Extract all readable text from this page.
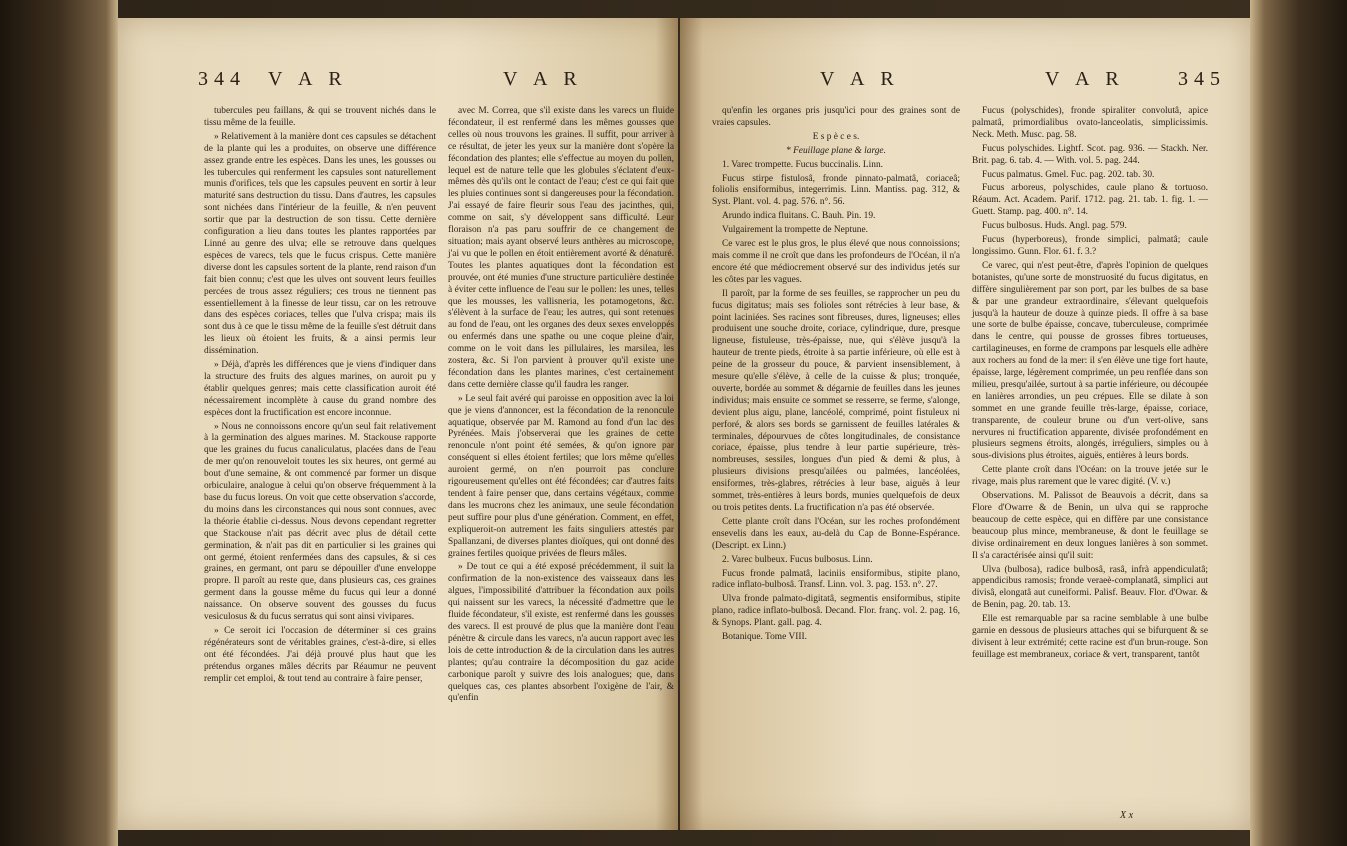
344 V A R	V A R

tubercules peu faillans, & qui se trouvent nichés dans le tissu même de la feuille.

» Relativement à la manière dont ces capsules se détachent de la plante qui les a produites, on observe une différence assez grande entre les espèces. Dans les unes, les gousses ou les tubercules qui renferment les capsules sont naturellement munis d'orifices, tels que les capsules peuvent en sortir à leur maturité sans destruction du tissu. Dans d'autres, les capsules sont nichées dans l'intérieur de la feuille, & n'en peuvent sortir que par la destruction de son tissu. Cette dernière configuration a lieu dans toutes les plantes rapportées par Linné au genre des ulva; elle se retrouve dans quelques espèces de varecs, tels que le fucus crispus. Cette manière diverse dont les capsules sortent de la plante, rend raison d'un fait bien connu; c'est que les ulves ont souvent leurs feuilles percées de trous assez réguliers; ces trous ne tiennent pas essentiellement à la finesse de leur tissu, car on les retrouve dans des espèces coriaces, telles que l'ulva crispa; mais ils sont dus à ce que le tissu même de la feuille s'est détruit dans les lieux où étoient les fruits, & a ainsi permis leur dissémination.

» Déjà, d'après les différences que je viens d'indiquer dans la structure des fruits des algues marines, on auroit pu y établir quelques genres; mais cette classification auroit été nécessairement incomplète à cause du grand nombre des espèces dont la fructification est encore inconnue.

» Nous ne connoissons encore qu'un seul fait relativement à la germination des algues marines. M. Stackouse rapporte que les graines du fucus canaliculatus, placées dans de l'eau de mer qu'on renouveloit toutes les six heures, ont germé au bout d'une semaine, & ont commencé par former un disque orbiculaire, analogue à celui qu'on observe fréquemment à la base du fucus loreus. On voit que cette observation s'accorde, du moins dans les circonstances qui nous sont connues, avec la théorie établie ci-dessus. Nous devons cependant regretter que Stackouse n'ait pas décrit avec plus de détail cette germination, & n'ait pas dit en particulier si les graines qui ont germé, étoient renfermées dans des capsules, & si ces graines, en germant, ont paru se dépouiller d'une enveloppe propre. Il paroît au reste que, dans plusieurs cas, ces graines germent dans la gousse même du fucus qui leur a donné naissance. On observe souvent des gousses du fucus vesiculosus & du fucus serratus qui sont ainsi vivipares.

» Ce seroit ici l'occasion de déterminer si ces grains régénérateurs sont de véritables graines, c'est-à-dire, si elles ont été fécondées. J'ai déjà prouvé plus haut que les prétendus organes mâles décrits par Réaumur ne peuvent remplir cet emploi, & tout tend au contraire à faire penser,

avec M. Correa, que s'il existe dans les varecs un fluide fécondateur, il est renfermé dans les mêmes gousses que celles où nous trouvons les graines. Il suffit, pour arriver à ce résultat, de jeter les yeux sur la manière dont s'opère la fécondation des plantes; elle s'effectue au moyen du pollen, lequel est de nature telle que les globules s'éclatent d'eux-mêmes dès qu'ils ont le contact de l'eau; c'est ce qui fait que les pluies continues sont si dangereuses pour la fécondation. J'ai essayé de faire fleurir sous l'eau des jacinthes, qui, comme on sait, s'y développent sans difficulté. Leur floraison n'a pas paru souffrir de ce changement de situation; mais ayant observé leurs anthères au microscope, j'ai vu que le pollen en étoit entièrement avorté & dénaturé. Toutes les plantes aquatiques dont la fécondation est prouvée, ont été munies d'une structure particulière destinée à éviter cette influence de l'eau sur le pollen: les unes, telles que les mousses, les vallisneria, les potamogetons, &c. s'élèvent à la surface de l'eau; les autres, qui sont retenues au fond de l'eau, ont les organes des deux sexes enveloppés ou enfermés dans une spathe ou une coque pleine d'air, comme on le voit dans les pillulaires, les marsilea, les zostera, &c. Si l'on parvient à prouver qu'il existe une fécondation dans les plantes marines, c'est certainement dans cette dernière classe qu'il faudra les ranger.

» Le seul fait avéré qui paroisse en opposition avec la loi que je viens d'annoncer, est la fécondation de la renoncule aquatique, observée par M. Ramond au fond d'un lac des Pyrénées. Mais j'observerai que les graines de cette renoncule n'ont point été semées, & qu'on ignore par conséquent si elles étoient fertiles; que lors même qu'elles auroient germé, on n'en pourroit pas conclure rigoureusement qu'elles ont été fécondées; car d'autres faits tendent à faire penser que, dans certains végétaux, comme dans les mucrons chez les animaux, une seule fécondation peut suffire pour plus d'une génération. Comment, en effet, expliqueroit-on autrement les faits singuliers attestés par Spallanzani, de diverses plantes dioïques, qui ont donné des graines fertiles quoique privées de fleurs mâles.

» De tout ce qui a été exposé précédemment, il suit la confirmation de la non-existence des vaisseaux dans les algues, l'impossibilité d'attribuer la fécondation aux poils qui naissent sur les varecs, la nécessité d'admettre que le fluide fécondateur, s'il existe, est renfermé dans les gousses des varecs. Il est prouvé de plus que la manière dont l'eau pénètre & circule dans les varecs, n'a aucun rapport avec les lois de cette introduction & de la circulation dans les autres plantes; qu'au contraire la décomposition du gaz acide carbonique paroît y suivre des lois analogues; que, dans quelques cas, ces plantes absorbent l'oxigène de l'air, & qu'enfin

V A R	V A R	345

qu'enfin les organes pris jusqu'ici pour des graines sont de vraies capsules.

E s p è c e s.

* Feuillage plane & large.

1. Varec trompette. Fucus buccinalis. Linn.

Fucus stirpe fistulosâ, fronde pinnato-palmatâ, coriaceâ; foliolis ensiformibus, integerrimis. Linn. Mantiss. pag. 312, & Syst. Plant. vol. 4. pag. 576. n°. 56.

Arundo indica fluitans. C. Bauh. Pin. 19.

Vulgairement la trompette de Neptune.

Ce varec est le plus gros, le plus élevé que nous connoissions; mais comme il ne croît que dans les profondeurs de l'Océan, il n'a encore été que médiocrement observé sur des individus jetés sur les côtes par les vagues.

Il paroît, par la forme de ses feuilles, se rapprocher un peu du fucus digitatus; mais ses folioles sont rétrécies à leur base, & point laciniées. Ses racines sont fibreuses, dures, ligneuses; elles produisent une souche droite, coriace, cylindrique, dure, presque ligneuse, fistuleuse, très-épaisse, nue, qui s'élève jusqu'à la hauteur de trente pieds, étroite à sa partie inférieure, où elle est à peine de la grosseur du pouce, & parvient insensiblement, à mesure qu'elle s'élève, à celle de la cuisse & plus; tronquée, ouverte, bordée au sommet & dégarnie de feuilles dans les jeunes individus; mais ensuite ce sommet se resserre, se ferme, s'alonge, devient plus aigu, plane, lancéolé, comprimé, point fistuleux ni perforé, & alors ses bords se garnissent de feuilles latérales & terminales, dépourvues de côtes longitudinales, de consistance coriace, épaisse, plus tendre à leur partie supérieure, très-nombreuses, sessiles, longues d'un pied & demi & plus, à plusieurs divisions presqu'ailées ou palmées, lancéolées, ensiformes, très-glabres, rétrécies à leur base, aiguës à leur sommet, très-entières à leurs bords, munies quelquefois de deux ou trois petites dents. La fructification n'a pas été observée.

Cette plante croît dans l'Océan, sur les roches profondément ensevelis dans les eaux, au-delà du Cap de Bonne-Espérance. (Descript. ex Linn.)

2. Varec bulbeux. Fucus bulbosus. Linn.

Fucus fronde palmatâ, laciniis ensiformibus, stipite plano, radice inflato-bulbosâ. Transf. Linn. vol. 3. pag. 153. n°. 27.

Ulva fronde palmato-digitatâ, segmentis ensiformibus, stipite plano, radice inflato-bulbosâ. Decand. Flor. franç. vol. 2. pag. 16, & Synops. Plant. gall. pag. 4.

Botanique. Tome VIII.

Fucus (polyschides), fronde spiraliter convolutâ, apice palmatâ, primordialibus ovato-lanceolatis, simplicissimis. Neck. Meth. Musc. pag. 58.

Fucus polyschides. Lightf. Scot. pag. 936. — Stackh. Ner. Brit. pag. 6. tab. 4. — With. vol. 5. pag. 244.

Fucus palmatus. Gmel. Fuc. pag. 202. tab. 30.

Fucus arboreus, polyschides, caule plano & tortuoso. Réaum. Act. Academ. Parif. 1712. pag. 21. tab. 1. fig. 1. — Guett. Stamp. pag. 400. n°. 14.

Fucus bulbosus. Huds. Angl. pag. 579.

Fucus (hyperboreus), fronde simplici, palmatâ; caule longissimo. Gunn. Flor. 61. f. 3.?

Ce varec, qui n'est peut-être, d'après l'opinion de quelques botanistes, qu'une sorte de monstruosité du fucus digitatus, en diffère singulièrement par son port, par les bulbes de sa base & par une grandeur extraordinaire, s'élevant quelquefois jusqu'à la hauteur de douze à quinze pieds. Il offre à sa base une sorte de bulbe épaisse, concave, tuberculeuse, comprimée dans le centre, qui pousse de grosses fibres tortueuses, cartilagineuses, en forme de crampons par lesquels elle adhère aux rochers au fond de la mer: il s'en élève une tige fort haute, épaisse, large, légèrement comprimée, un peu renflée dans son milieu, presqu'ailée, surtout à sa partie inférieure, ou découpée en lanières arrondies, un peu crépues. Elle se dilate à son sommet en une grande feuille très-large, épaisse, coriace, transparente, de couleur brune ou d'un vert-olive, sans nervures ni fructification apparente, divisée profondément en plusieurs segmens étroits, alongés, irréguliers, simples ou à sous-divisions plus étroites, aiguës, entières à leurs bords.

Cette plante croît dans l'Océan: on la trouve jetée sur le rivage, mais plus rarement que le varec digité. (V. v.)

Observations. M. Palissot de Beauvois a décrit, dans sa Flore d'Owarre & de Benin, un ulva qui se rapproche beaucoup de cette espèce, qui en diffère par une consistance beaucoup plus mince, membraneuse, & dont le feuillage se divise ordinairement en deux longues lanières à son sommet. Il s'a caractérisée ainsi qu'il suit:

Ulva (bulbosa), radice bulbosâ, rasâ, infrà appendiculatâ; appendicibus ramosis; fronde veraeè-complanatâ, simplici aut divisâ, elongatâ aut cuneiformi. Palisf. Beauv. Flor. d'Owar. & de Benin, pag. 20. tab. 13.

Elle est remarquable par sa racine semblable à une bulbe garnie en dessous de plusieurs attaches qui se bifurquent & se divisent à leur extrémité; cette racine est d'un brun-rouge. Son feuillage est membraneux, coriace & vert, transparent, tantôt

X x
